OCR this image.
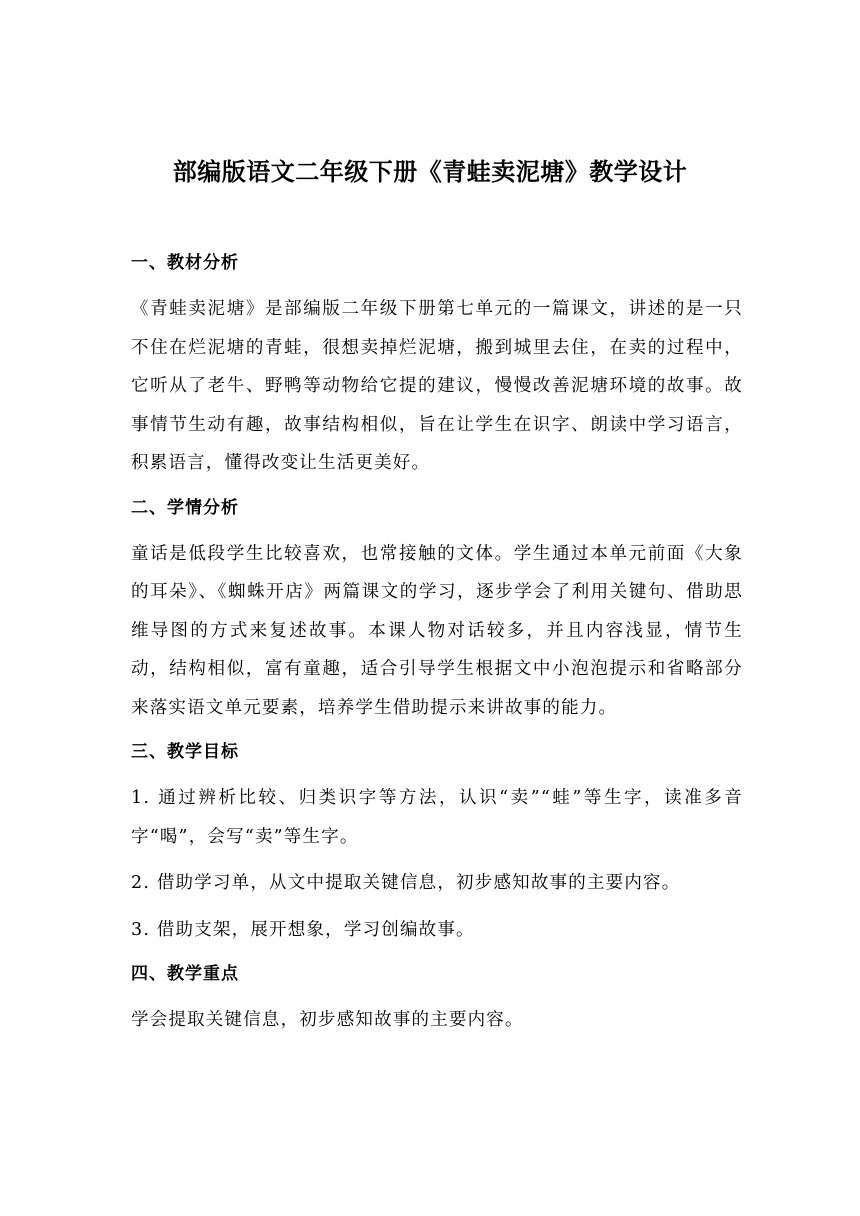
部编版语文二年级下册《青蛙卖泥塘》教学设计
一、教材分析

《青蛙卖泥塘》是部编版二年级下册第七单元的一篇课文，讲述的是一只不住在烂泥塘的青蛙，很想卖掉烂泥塘，搬到城里去住，在卖的过程中，它听从了老牛、野鸭等动物给它提的建议，慢慢改善泥塘环境的故事。故事情节生动有趣，故事结构相似，旨在让学生在识字、朗读中学习语言，积累语言，懂得改变让生活更美好。

二、学情分析

童话是低段学生比较喜欢，也常接触的文体。学生通过本单元前面《大象的耳朵》、《蜘蛛开店》两篇课文的学习，逐步学会了利用关键句、借助思维导图的方式来复述故事。本课人物对话较多，并且内容浅显，情节生动，结构相似，富有童趣，适合引导学生根据文中小泡泡提示和省略部分来落实语文单元要素，培养学生借助提示来讲故事的能力。

三、教学目标

1. 通过辨析比较、归类识字等方法，认识“卖”“蛙”等生字，读准多音字“喝”，会写“卖”等生字。

2. 借助学习单，从文中提取关键信息，初步感知故事的主要内容。

3. 借助支架，展开想象，学习创编故事。

四、教学重点

学会提取关键信息，初步感知故事的主要内容。
